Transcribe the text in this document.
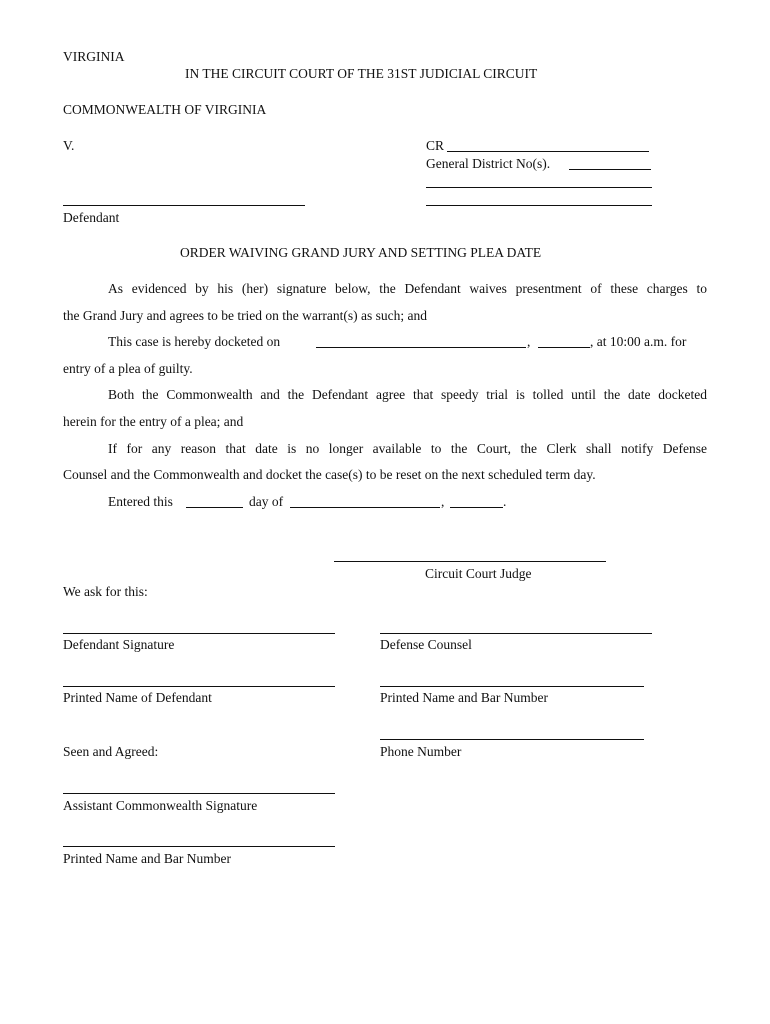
VIRGINIA
IN THE CIRCUIT COURT OF THE 31ST JUDICIAL CIRCUIT
COMMONWEALTH OF VIRGINIA
V.	CR
General District No(s).
Defendant
ORDER WAIVING GRAND JURY AND SETTING PLEA DATE
As evidenced by his (her) signature below, the Defendant waives presentment of these charges to
the Grand Jury and agrees to be tried on the warrant(s) as such; and
This case is hereby docketed on	,	, at 10:00 a.m. for
entry of a plea of guilty.
Both the Commonwealth and the Defendant agree that speedy trial is tolled until the date docketed
herein for the entry of a plea; and
If for any reason that date is no longer available to the Court, the Clerk shall notify Defense
Counsel and the Commonwealth and docket the case(s) to be reset on the next scheduled term day.
Entered this	day of	,	.
Circuit Court Judge
We ask for this:
Defendant Signature	Defense Counsel
Printed Name of Defendant	Printed Name and Bar Number
Seen and Agreed:	Phone Number
Assistant Commonwealth Signature
Printed Name and Bar Number
